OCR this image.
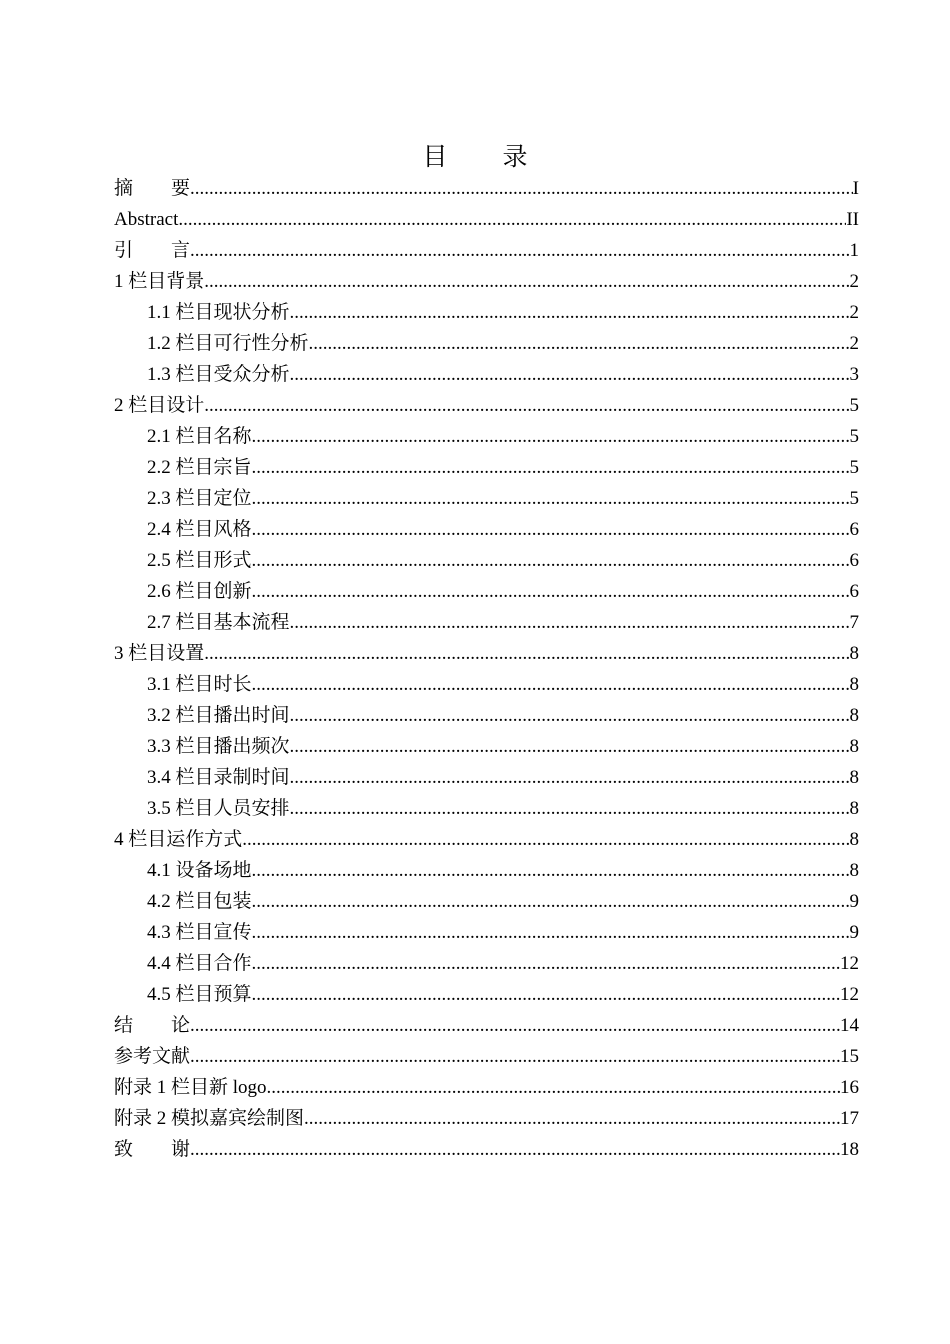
目 录
摘　　要 .....	I
Abstract .....	II
引　　言 .....	1
1 栏目背景 .....	2
1.1 栏目现状分析 .....	2
1.2 栏目可行性分析 .....	2
1.3 栏目受众分析 .....	3
2 栏目设计 .....	5
2.1 栏目名称 .....	5
2.2 栏目宗旨 .....	5
2.3 栏目定位 .....	5
2.4 栏目风格 .....	6
2.5 栏目形式 .....	6
2.6 栏目创新 .....	6
2.7 栏目基本流程 .....	7
3 栏目设置 .....	8
3.1 栏目时长 .....	8
3.2 栏目播出时间 .....	8
3.3 栏目播出频次 .....	8
3.4 栏目录制时间 .....	8
3.5 栏目人员安排 .....	8
4 栏目运作方式 .....	8
4.1 设备场地 .....	8
4.2 栏目包装 .....	9
4.3 栏目宣传 .....	9
4.4 栏目合作 .....	12
4.5 栏目预算 .....	12
结　　论 .....	14
参考文献 .....	15
附录 1 栏目新 logo .....	16
附录 2 模拟嘉宾绘制图 .....	17
致　　谢 .....	18
